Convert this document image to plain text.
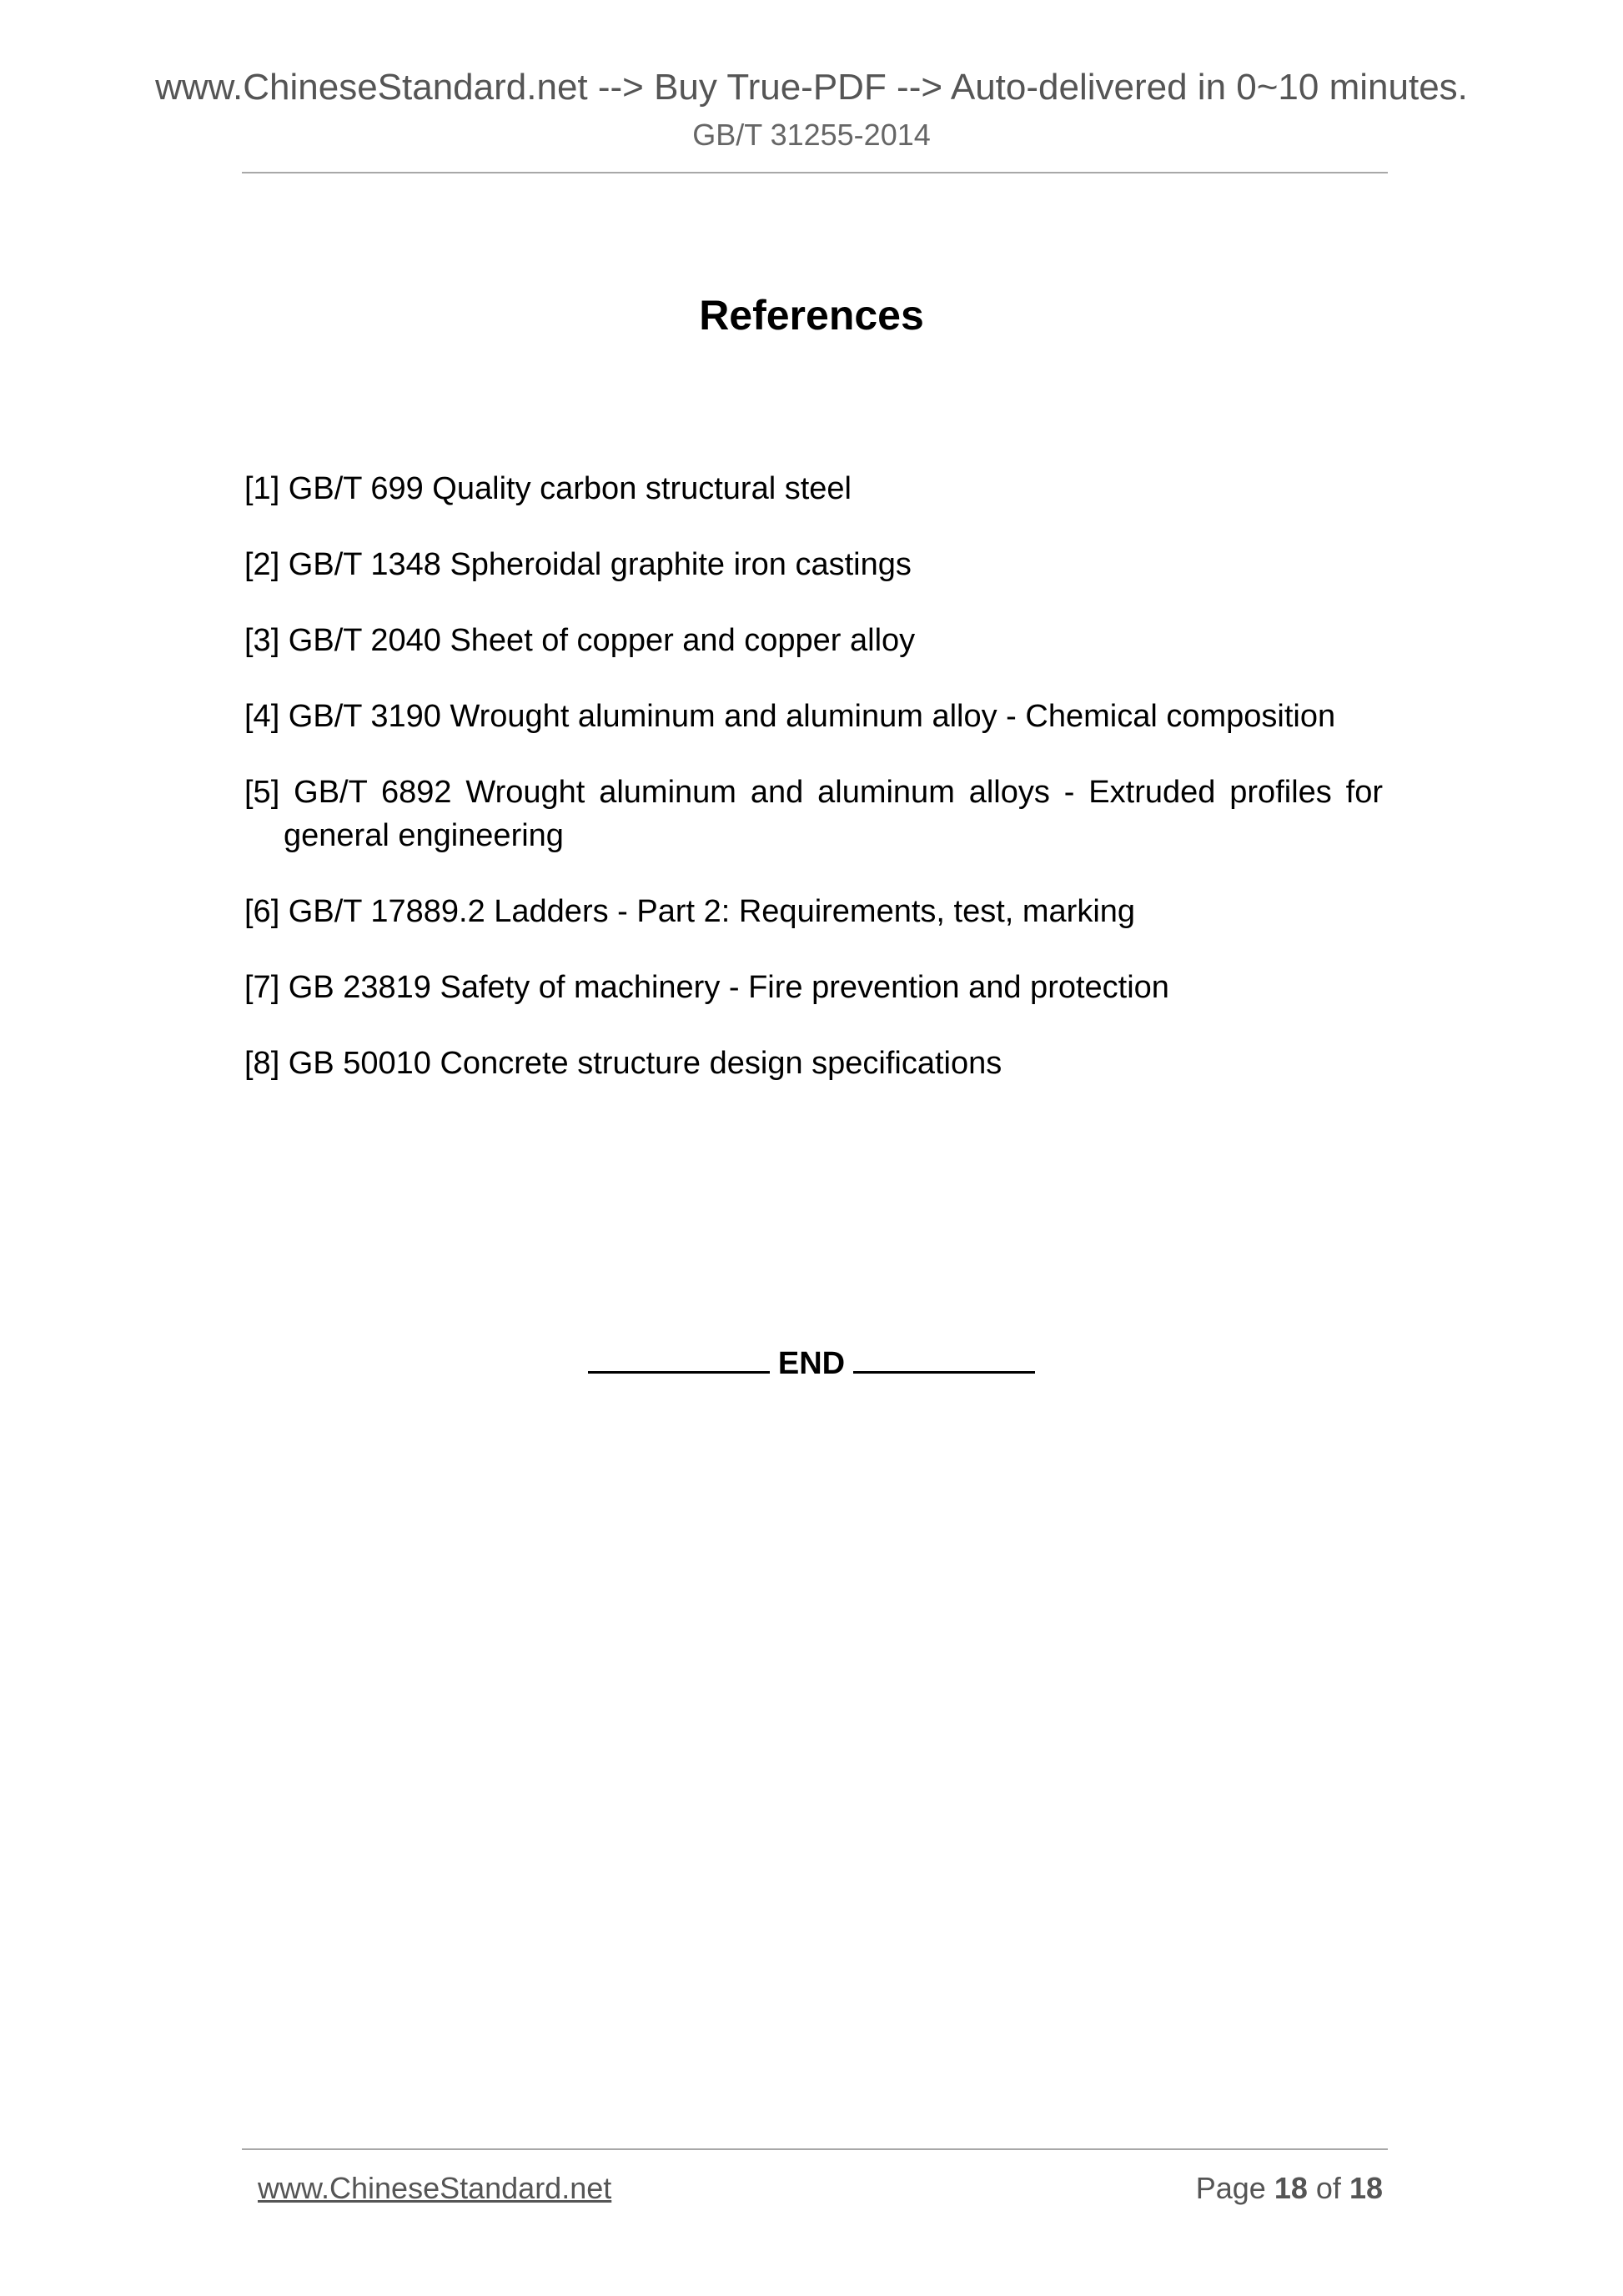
www.ChineseStandard.net --> Buy True-PDF --> Auto-delivered in 0~10 minutes.
GB/T 31255-2014
References
[1] GB/T 699 Quality carbon structural steel
[2] GB/T 1348 Spheroidal graphite iron castings
[3] GB/T 2040 Sheet of copper and copper alloy
[4] GB/T 3190 Wrought aluminum and aluminum alloy - Chemical composition
[5] GB/T 6892 Wrought aluminum and aluminum alloys - Extruded profiles for general engineering
[6] GB/T 17889.2 Ladders - Part 2: Requirements, test, marking
[7] GB 23819 Safety of machinery - Fire prevention and protection
[8] GB 50010 Concrete structure design specifications
END
www.ChineseStandard.net	Page 18 of 18
